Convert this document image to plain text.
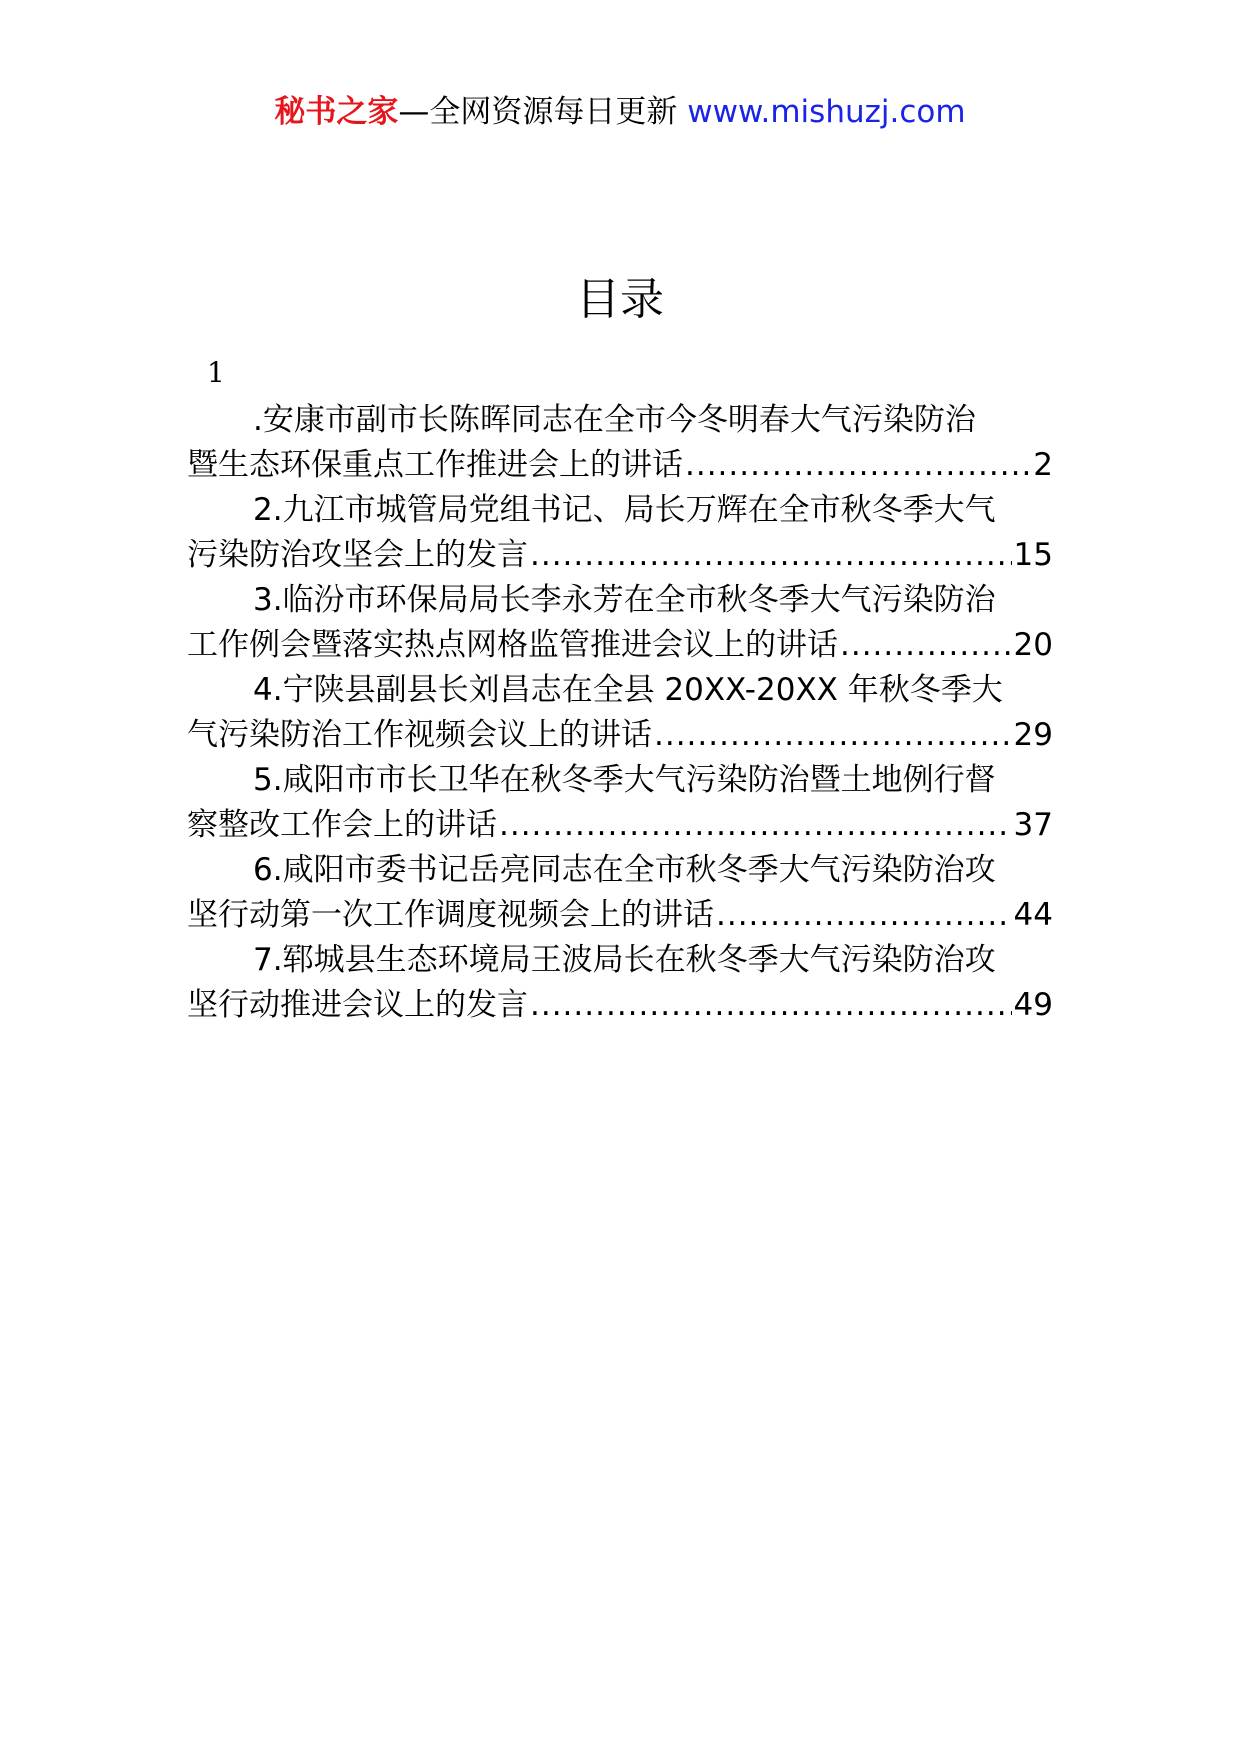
秘书之家—全网资源每日更新 www.mishuzj.com
目录
1
.安康市副市长陈晖同志在全市今冬明春大气污染防治
暨生态环保重点工作推进会上的讲话 .....	2
2.九江市城管局党组书记、局长万辉在全市秋冬季大气
污染防治攻坚会上的发言 .....	15
3.临汾市环保局局长李永芳在全市秋冬季大气污染防治
工作例会暨落实热点网格监管推进会议上的讲话 .....	20
4.宁陕县副县长刘昌志在全县 20XX-20XX 年秋冬季大
气污染防治工作视频会议上的讲话 .....	29
5.咸阳市市长卫华在秋冬季大气污染防治暨土地例行督
察整改工作会上的讲话 .....	37
6.咸阳市委书记岳亮同志在全市秋冬季大气污染防治攻
坚行动第一次工作调度视频会上的讲话 .....	44
7.郓城县生态环境局王波局长在秋冬季大气污染防治攻
坚行动推进会议上的发言 .....	49
